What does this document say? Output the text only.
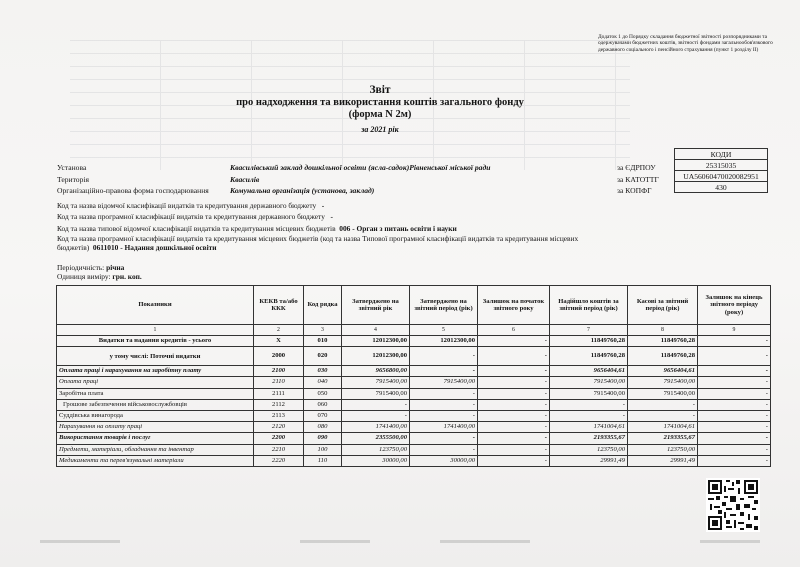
Додаток 1 до Порядку складання бюджетної звітності розпорядниками та одержувачами бюджетних коштів, звітності фондами загальнообов'язкового державного соціального і пенсійного страхування (пункт 1 розділу II)
Звіт
про надходження та використання коштів загального фонду
(форма N 2м)
за 2021 рік
КОДИ
25315035
UA56060470020082951
430
Установа	Квасилівський заклад дошкільної освіти (ясла-садок)Рівненської міської ради	за ЄДРПОУ
Територія	Квасилів	за КАТОТТГ
Організаційно-правова форма господарювання	Комунальна організація (установа, заклад)	за КОПФГ
Код та назва відомчої класифікації видатків та кредитування державного бюджету -
Код та назва програмної класифікації видатків та кредитування державного бюджету -
Код та назва типової відомчої класифікації видатків та кредитування місцевих бюджетів 006 - Орган з питань освіти і науки
Код та назва програмної класифікації видатків та кредитування місцевих бюджетів (код та назва Типової програмної класифікації видатків та кредитування місцевих бюджетів) 0611010 - Надання дошкільної освіти
Періодичність: річна
Одиниця виміру: грн. коп.
Показники	КЕКВ та/або ККК	Код рядка	Затверджено на звітний рік	Затверджено на звітний період (рік)	Залишок на початок звітного року	Надійшло коштів за звітний період (рік)	Касові за звітний період (рік)	Залишок на кінець звітного періоду (року)
1	2	3	4	5	6	7	8	9
Видатки та надання кредитів - усього	X	010	12012300,00	12012300,00	-	11849760,28	11849760,28	-
у тому числі: Поточні видатки	2000	020	12012300,00	-	-	11849760,28	11849760,28	-
Оплата праці і нарахування на заробітну плату	2100	030	9656800,00	-	-	9656404,61	9656404,61	-
Оплата праці	2110	040	7915400,00	7915400,00	-	7915400,00	7915400,00	-
Заробітна плата	2111	050	7915400,00	-	-	7915400,00	7915400,00	-
Грошове забезпечення військовослужбовців	2112	060	-	-	-	-	-	-
Суддівська винагорода	2113	070	-	-	-	-	-	-
Нарахування на оплату праці	2120	080	1741400,00	1741400,00	-	1741004,61	1741004,61	-
Використання товарів і послуг	2200	090	2355500,00	-	-	2193355,67	2193355,67	-
Предмети, матеріали, обладнання та інвентар	2210	100	123750,00	-	-	123750,00	123750,00	-
Медикаменти та перев'язувальні матеріали	2220	110	30000,00	30000,00	-	29991,49	29991,49	-
